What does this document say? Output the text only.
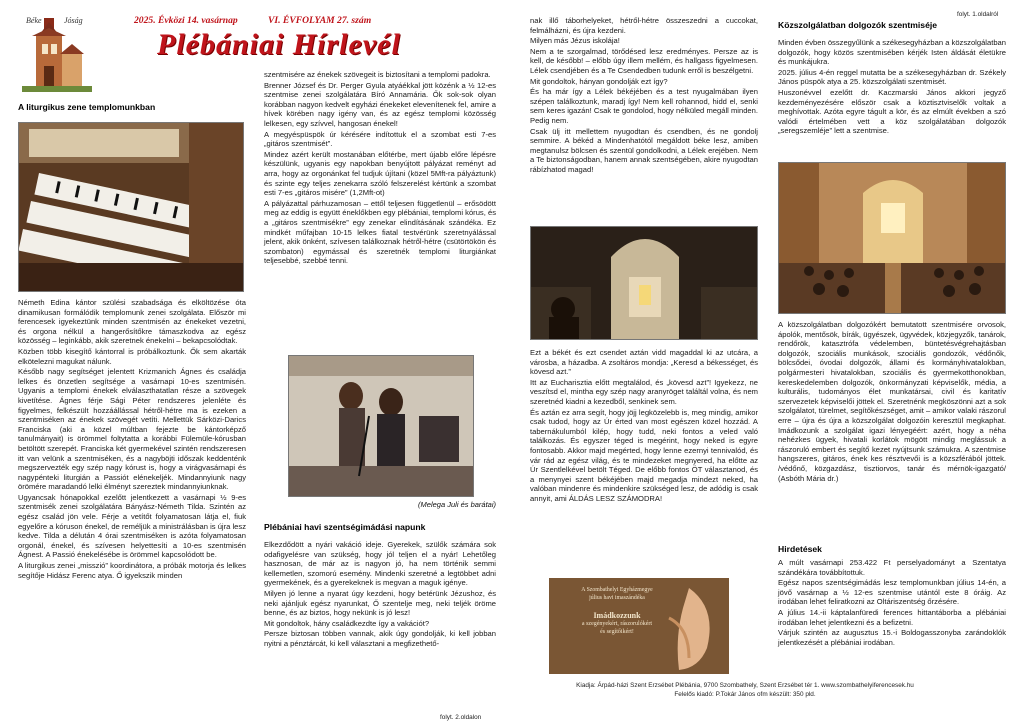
Béke	Jóság	2025. Évközi 14. vasárnap	VI. ÉVFOLYAM 27. szám
Plébániai Hírlevél
folyt. 1.oldalról
A liturgikus zene templomunkban

Németh Edina kántor szülési szabadsága és elköltözése óta dinamikusan formálódik templomunk zenei szolgálata. Először mi ferencesek igyekeztünk minden szentmisén az énekeket vezetni, és orgona nélkül a hangerősítőkre támaszkodva az egész közösség – leginkább, akik szeretnek énekelni – bekapcsolódtak.

Közben több kisegítő kántorral is próbálkoztunk. Ők sem akarták elkötelezni magukat nálunk.

Később nagy segítséget jelentett Krizmanich Ágnes és családja lelkes és önzetlen segítsége a vasárnapi 10-es szentmisén. Ugyanis a templomi énekek elválaszthatatlan része a szövegek kivetítése. Ágnes férje Sági Péter rendszeres jelenléte és figyelmes, felkészült hozzáállással hétről-hétre ma is ezeken a szentmiséken az énekek szövegét vetíti. Mellettük Sárközi-Darics Franciska (aki a közel múltban fejezte be kántorképző tanulmányait) is örömmel foltytatta a korábbi Fülemüle-kórusban betöltött szerepét. Franciska két gyermekével szintén rendszeresen itt van velünk a szentmiséken, és a nagyböjti időszak keddenténk megszervezték egy szép nagy kórust is, hogy a virágvasárnapi és nagypénteki liturgián a Passiót elénekeljék. Mindannyiunk nagy örömére maradandó lelki élményt szereztek mindannyiunknak.

Ugyancsak hónapokkal ezelőtt jelentkezett a vasárnapi ½ 9-es szentmisék zenei szolgálatára Bányász-Németh Tilda. Szintén az egész család jön vele. Férje a vetítőt folyamatosan látja el, fiuk egyelőre a kóruson énekel, de reméljük a ministrálásban is újra lesz kedve. Tilda a délután 4 órai szentmiséken is azóta folyamatosan orgonál, énekel, és szívesen helyettesíti a 10-es szentmisén Ágnest. A Passió énekelésébe is örömmel kapcsolódott be.

A liturgikus zenei „misszió” koordinátora, a próbák motorja és lelkes segítője Hidász Ferenc atya. Ő igyekszik minden

szentmisére az énekek szövegeit is biztosítani a templomi padokra.

Brenner József és Dr. Perger Gyula atyáékkal jött közénk a ½ 12-es szentmise zenei szolgálatára Bíró Annamária. Ők sok-sok olyan korábban nagyon kedvelt egyházi énekeket elevenítenek fel, amire a hívek körében nagy igény van, és az egész templomi közösség lelkesen, egy szívvel, hangosan énekel!

A megyéspüspök úr kérésére indítottuk el a szombat esti 7-es „gitáros szentmisét”.

Mindez azért került mostanában előtérbe, mert újabb előre lépésre készülünk, ugyanis egy napokban benyújtott pályázat reményt ad arra, hogy az orgonánkat fel tudjuk újítani (közel 5Mft-ra pályáztunk) és szinte egy teljes zenekarra szóló felszerelést kértünk a szombat esti 7-es „gitáros misére” (1,2Mft-ot)

A pályázattal párhuzamosan – ettől teljesen függetlenül – erősödött meg az eddig is együtt éneklőkben egy plébániai, templomi kórus, és a „gitáros szentmisékre” egy zenekar elindításának szándéka. Ez mindkét műfajban 10-15 lelkes fiatal testvérünk szeretnyálással jelent, akik önként, szívesen találkoznak hétről-hétre (csütörtökön és szombaton) egymással és szeretnék templomi liturgiánkat teljesebbé, szebbé tenni.

(Melega Juli és barátai)
Plébániai havi szentségimádási napunk

Elkezdődött a nyári vakáció ideje. Gyerekek, szülők számára sok odafigyelésre van szükség, hogy jól teljen el a nyár! Lehetőleg hasznosan, de már az is nagyon jó, ha nem történik semmi kellemetlen, szomorú esemény. Mindenki szeretné a legtöbbet adni gyermekének, és a gyerekeknek is megvan a maguk igénye.

Milyen jó lenne a nyarat úgy kezdeni, hogy betérünk Jézushoz, és neki ajánljuk egész nyarunkat, Ő szentelje meg, neki teljék öröme benne, és az biztos, hogy nekünk is jó lesz!

Mit gondoltok, hány családkezdte így a vakációt?

Persze biztosan többen vannak, akik úgy gondolják, ki kell jobban nyitni a pénztárcát, ki kell választani a megfizethető-

folyt. 2.oldalon

nak illő táborhelyeket, hétről-hétre összeszedni a cuccokat, felmálházni, és újra kezdeni.

Milyen más Jézus iskolája!

Nem a te szorgalmad, törődésed lesz eredményes. Persze az is kell, de később! – előbb úgy illem mellém, és hallgass figyelmesen. Lélek csendjében és a Te Csendedben tudunk erről is beszélgetni.

Mit gondoltok, hányan gondolják ezt így?

És ha már így a Lélek békéjében és a test nyugalmában ilyen szépen találkoztunk, maradj így! Nem kell rohannod, hidd el, senki sem keres igazán! Csak te gondolod, hogy nélküled megáll minden. Pedig nem.

Csak ülj itt mellettem nyugodtan és csendben, és ne gondolj semmire. A békéd a Mindenhatótól megáldott béke lesz, amiben megtanulsz bölcsen és szentül gondolkodni, a Lélek erejében. Nem a Te biztonságodban, hanem annak szentségében, akire nyugodtan rábízhatod magad!

Ezt a békét és ezt csendet aztán vidd magaddal ki az utcára, a városba, a házadba. A zsoltáros mondja: „Keresd a békességet, és kövesd azt.”

Itt az Eucharisztia előtt megtalálod, és „kövesd azt”! Igyekezz, ne veszítsd el, mintha egy szép nagy aranyröget találtál volna, és nem szeretnéd kiadni a kezedből, senkinek sem.

És aztán ez arra segít, hogy jöjj legközelebb is, meg mindig, amikor csak tudod, hogy az Úr érted van most egészen közel hozzád. A tabernákulumból kilép, hogy tudd, neki fontos a veled való találkozás. És egyszer téged is megérint, hogy neked is egyre fontosabb. Akkor majd megérted, hogy lenne ezernyi tennivalód, és vár rád az egész világ, és te mindezeket megnyered, ha előtte az Úr Szentlelkével betölt Téged. De előbb fontos ÖT választanod, és a menynyei szent békéjében majd megadja mindezt neked, ha valóban mindenre és mindenkire szükséged lesz, de adódig is csak annyit, ami ÁLDÁS LESZ SZÁMODRA!

A Szombathelyi Egyházmegye
július havi imaszándéka
Imádkozzunk
a szegényekért, rászorulókért
és segítőikért!
Kiadja: Árpád-házi Szent Erzsébet Plébánia, 9700 Szombathely, Szent Erzsébet tér 1. www.szombathelyiferencesek.hu
Felelős kiadó: P.Tokár János ofm készült: 350 pld.
Közszolgálatban dolgozók szentmiséje

Minden évben összegyűlünk a székesegyházban a közszolgálatban dolgozók, hogy közös szentmisében kérjék Isten áldását életükre és munkájukra.

2025. július 4-én reggel mutatta be a székesegyházban dr. Székely János püspök atya a 25. közszolgálati szentmisét.

Huszonévvel ezelőtt dr. Kaczmarski János akkori jegyző kezdeményezésére először csak a köztisztviselők voltak a meghívottak. Azóta egyre tágult a kör, és az elmúlt években a szó valódi értelmében vett a köz szolgálatában dolgozók „seregszemléje” lett a szentmise.

A közszolgálatban dolgozókért bemutatott szentmisére orvosok, ápolók, mentősök, bírák, ügyészek, ügyvédek, közjegyzők, tanárok, rendőrök, katasztrófa védelemben, büntetésvégrehajtásban dolgozók, szociális munkások, szociális gondozók, védőnők, bölcsődei, óvodai dolgozók, állami és kormányhivatalokban, polgármesteri hivatalokban, szociális és gyermekotthonokban, kereskedelemben dolgozók, önkormányzati képviselők, média, a kulturális, tudományos élet munkatársai, civil és karitatív szervezetek képviselői jöttek el. Szeretnénk megköszönni azt a sok szolgálatot, türelmet, segítőkészséget, amit – amikor valaki rászorul erre – újra és újra a közszolgálat dolgozóin keresztül megkaphat. Imádkozunk a szolgálat igazi lényegéért: azért, hogy a néha nehézkes ügyek, hivatali korlátok mögött mindig meglássuk a rászoruló embert és segítő kezet nyújtsunk számukra. A szentmise hangszeres, gitáros, ének kes résztvevői is a közszférából jöttek. /védőnő, közgazdász, tisztiorvos, tanár és mérnök-igazgató/ (Asbóth Mária dr.)

Hirdetések

A múlt vasárnapi 253.422 Ft perselyadományt a Szentatya szándékára továbbítottuk.

Egész napos szentségimádás lesz templomunkban július 14-én, a jövő vasárnap a ½ 12-es szentmise utántól este 8 óráig. Az irodában lehet feliratkozni az Oltáriszentség őrzésére.

A július 14.-ii káptalanfüredi ferences hittantáborba a plébániai irodában lehet jelentkezni és a befizetni.

Várjuk szintén az augusztus 15.-i Boldogasszonyba zarándoklók jelentkezését a plébániai irodában.
